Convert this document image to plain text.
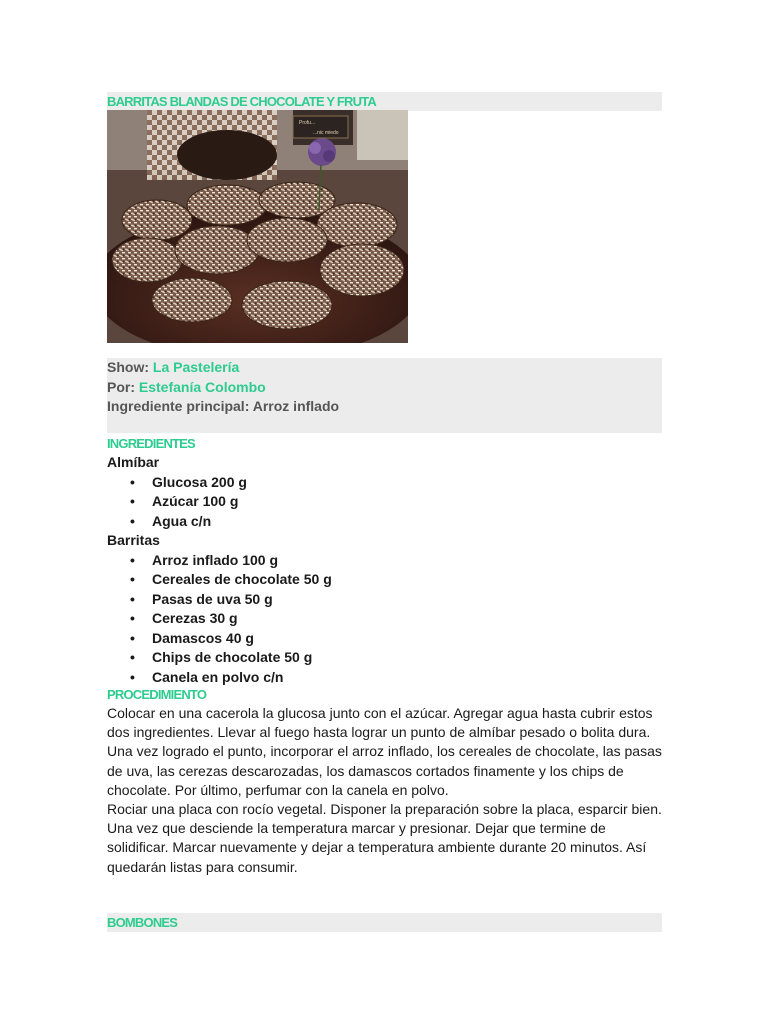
BARRITAS BLANDAS DE CHOCOLATE Y FRUTA
Profu...
...nic miedo
Show: La Pastelería
Por: Estefanía Colombo
Ingrediente principal: Arroz inflado
INGREDIENTES
Almíbar
• Glucosa 200 g
• Azúcar 100 g
• Agua c/n
Barritas
• Arroz inflado 100 g
• Cereales de chocolate 50 g
• Pasas de uva 50 g
• Cerezas 30 g
• Damascos 40 g
• Chips de chocolate 50 g
• Canela en polvo c/n
PROCEDIMIENTO
Colocar en una cacerola la glucosa junto con el azúcar. Agregar agua hasta cubrir estos dos ingredientes. Llevar al fuego hasta lograr un punto de almíbar pesado o bolita dura. Una vez logrado el punto, incorporar el arroz inflado, los cereales de chocolate, las pasas de uva, las cerezas descarozadas, los damascos cortados finamente y los chips de chocolate. Por último, perfumar con la canela en polvo.
Rociar una placa con rocío vegetal. Disponer la preparación sobre la placa, esparcir bien. Una vez que desciende la temperatura marcar y presionar. Dejar que termine de solidificar. Marcar nuevamente y dejar a temperatura ambiente durante 20 minutos. Así quedarán listas para consumir.
BOMBONES
